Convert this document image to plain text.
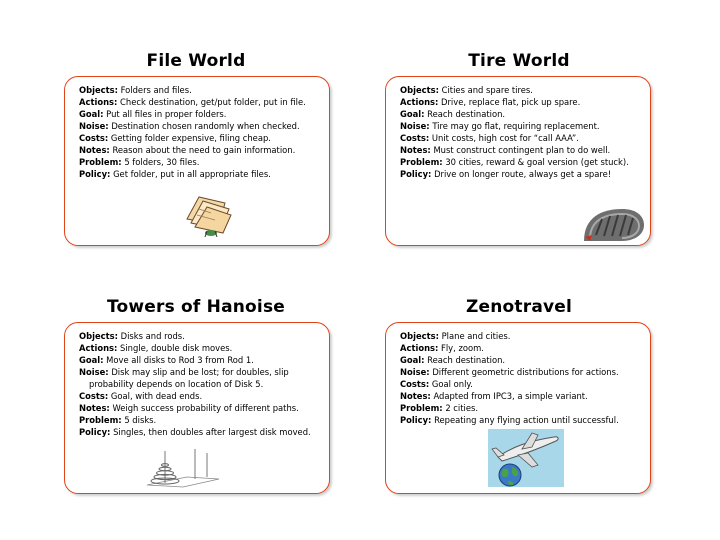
File World	Tire World
Towers of Hanoise	Zenotravel
Objects: Folders and files.
Actions: Check destination, get/put folder, put in file.
Goal: Put all files in proper folders.
Noise: Destination chosen randomly when checked.
Costs: Getting folder expensive, filing cheap.
Notes: Reason about the need to gain information.
Problem: 5 folders, 30 files.
Policy: Get folder, put in all appropriate files.
Objects: Cities and spare tires.
Actions: Drive, replace flat, pick up spare.
Goal: Reach destination.
Noise: Tire may go flat, requiring replacement.
Costs: Unit costs, high cost for “call AAA”.
Notes: Must construct contingent plan to do well.
Problem: 30 cities, reward & goal version (get stuck).
Policy: Drive on longer route, always get a spare!
Objects: Disks and rods.
Actions: Single, double disk moves.
Goal: Move all disks to Rod 3 from Rod 1.
Noise: Disk may slip and be lost; for doubles, slip
probability depends on location of Disk 5.
Costs: Goal, with dead ends.
Notes: Weigh success probability of different paths.
Problem: 5 disks.
Policy: Singles, then doubles after largest disk moved.
Objects: Plane and cities.
Actions: Fly, zoom.
Goal: Reach destination.
Noise: Different geometric distributions for actions.
Costs: Goal only.
Notes: Adapted from IPC3, a simple variant.
Problem: 2 cities.
Policy: Repeating any flying action until successful.
